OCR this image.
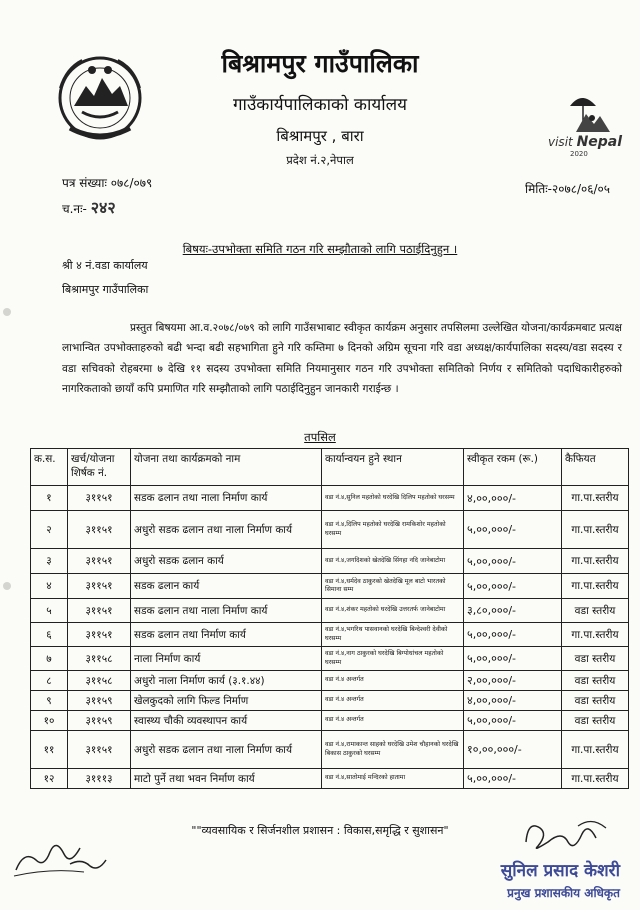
visit Nepal
2020
बिश्रामपुर गाउँपालिका
गाउँकार्यपालिकाको कार्यालय
बिश्रामपुर , बारा
प्रदेश नं.२,नेपाल
पत्र संख्याः ०७८/०७९
च.नः- २४२
मितिः-२०७८/०६/०५
बिषयः-उपभोक्ता समिति गठन गरि सम्झौताको लागि पठाईदिनुहुन ।
श्री ४ नं.वडा कार्यालय
बिश्रामपुर गाउँपालिका
प्रस्तुत बिषयमा आ.व.२०७८/०७९ को लागि गाउँसभाबाट स्वीकृत कार्यक्रम अनुसार तपसिलमा उल्लेखित योजना/कार्यक्रमबाट प्रत्यक्ष लाभान्वित उपभोक्ताहरुको बढी भन्दा बढी सहभागिता हुने गरि कम्तिमा ७ दिनको अग्रिम सूचना गरि वडा अध्यक्ष/कार्यपालिका सदस्य/वडा सदस्य र वडा सचिवको रोहबरमा ७ देखि ११ सदस्य उपभोक्ता समिति नियमानुसार गठन गरि उपभोक्ता समितिको निर्णय र समितिको पदाधिकारीहरुको नागरिकताको छायाँ कपि प्रमाणित गरि सम्झौताको लागि पठाईदिनुहुन जानकारी गराईन्छ ।
तपसिल
क.स.	खर्च/योजना शिर्षक नं.	योजना तथा कार्यक्रमको नाम	कार्यान्वयन हुने स्थान	स्वीकृत रकम (रू.)	कैफियत
१	३११५१	सडक ढलान तथा नाला निर्माण कार्य	वडा नं.४,सुनिल महतोको घरदेखि दिलिप महतोको घरसम्म	४,००,०००/-	गा.पा.स्तरीय
२	३११५१	अधुरो सडक ढलान तथा नाला निर्माण कार्य	वडा नं.४,दिलिप महतोको घरदेखि रामकिशोर महतोको घरसम्म	५,००,०००/-	गा.पा.स्तरीय
३	३११५१	अधुरो सडक ढलान कार्य	वडा नं.४,जगदिशको खेतदेखि सिंगहा नदि जानेबाटोमा	५,००,०००/-	गा.पा.स्तरीय
४	३११५१	सडक ढलान कार्य	वडा नं.४,धर्मदेव ठाकुरको खेतदेखि मूल बाटो भारतको सिमाना सम्म	५,००,०००/-	गा.पा.स्तरीय
५	३११५१	सडक ढलान तथा नाला निर्माण कार्य	वडा नं.४,शंकर महतोको घरदेखि उत्तरतर्फ जानेबाटोमा	३,८०,०००/-	वडा स्तरीय
६	३११५१	सडक ढलान तथा निर्माण कार्य	वडा नं.४,भगरिथ पासवानको घरदेखि बिन्देश्वरी देवीको घरसम्म	५,००,०००/-	गा.पा.स्तरीय
७	३११५८	नाला निर्माण कार्य	वडा नं.४,नाग ठाकुरको घरदेखि बिग्पोधांचल महतोको घरसम्म	५,००,०००/-	वडा स्तरीय
८	३११५८	अधुरो नाला निर्माण कार्य (३.१.४४)	वडा नं.४ अन्तर्गत	२,००,०००/-	वडा स्तरीय
९	३११५९	खेलकुदको लागि फिल्ड निर्माण	वडा नं.४ अन्तर्गत	४,००,०००/-	वडा स्तरीय
१०	३११५९	स्वास्थ्य चौकी व्यवस्थापन कार्य	वडा नं.४ अन्तर्गत	५,००,०००/-	वडा स्तरीय
११	३११५१	अधुरो सडक ढलान तथा नाला निर्माण कार्य	वडा नं.४,रामाकान्त साहको घरदेखि उमेश चौहानको घरदेखि बिकास ठाकुरको घरसम्म	१०,००,०००/-	गा.पा.स्तरीय
१२	३१११३	माटो पुर्ने तथा भवन निर्माण कार्य	वडा नं.४,सातोमाई मन्दिरको हातामा	५,००,०००/-	गा.पा.स्तरीय
""व्यवसायिक र सिर्जनशील प्रशासन : विकास,समृद्धि र सुशासन"
सुनिल प्रसाद केशरी
प्रनुख प्रशासकीय अधिकृत
